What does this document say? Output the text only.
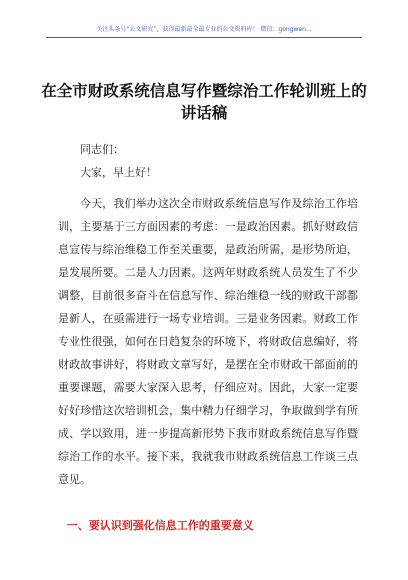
关注头条号“公文研究”，获得最新最全最专业的公文资料库！ 微信：gongwen...
在全市财政系统信息写作暨综治工作轮训班上的讲话稿

同志们：

大家，早上好！

今天，我们举办这次全市财政系统信息写作及综治工作培训，主要基于三方面因素的考虑：一是政治因素。抓好财政信息宣传与综治维稳工作至关重要，是政治所需，是形势所迫，是发展所要。二是人力因素。这两年财政系统人员发生了不少调整，目前很多奋斗在信息写作、综治维稳一线的财政干部都是新人，在亟需进行一场专业培训。三是业务因素。财政工作专业性很强，如何在日趋复杂的环境下，将财政信息编好，将财政故事讲好，将财政文章写好，是摆在全市财政干部面前的重要课题，需要大家深入思考，仔细应对。因此，大家一定要好好珍惜这次培训机会，集中精力仔细学习，争取做到学有所成、学以致用，进一步提高新形势下我市财政系统信息写作暨综治工作的水平。接下来，我就我市财政系统信息工作谈三点意见。

一、要认识到强化信息工作的重要意义
